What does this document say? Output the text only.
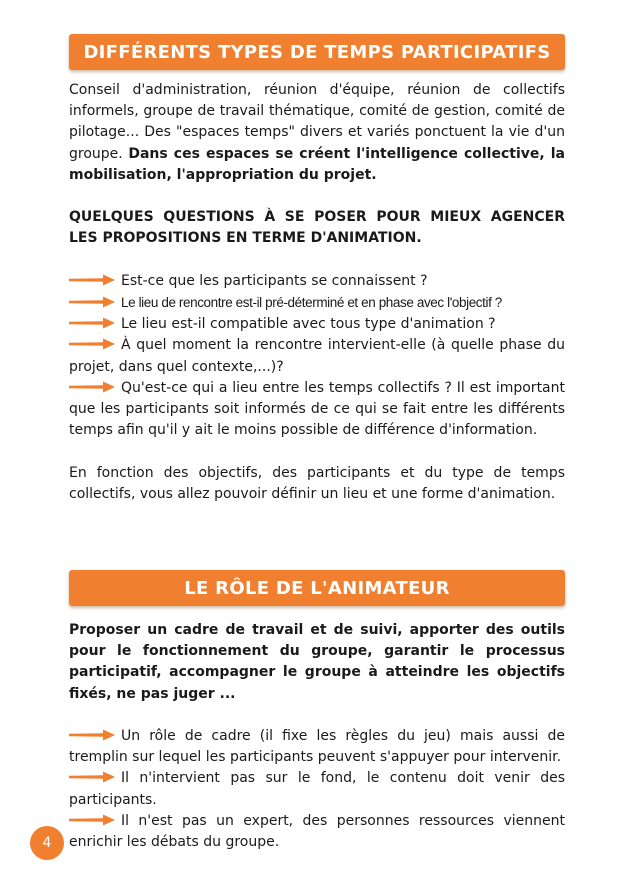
DIFFÉRENTS TYPES DE TEMPS PARTICIPATIFS
Conseil d'administration, réunion d'équipe, réunion de collectifs informels, groupe de travail thématique, comité de gestion, comité de pilotage... Des "espaces temps" divers et variés ponctuent la vie d'un groupe. Dans ces espaces se créent l'intelligence collective, la mobilisation, l'appropriation du projet.
QUELQUES QUESTIONS À SE POSER POUR MIEUX AGENCER LES PROPOSITIONS EN TERME D'ANIMATION.
Est-ce que les participants se connaissent ?
Le lieu de rencontre est-il pré-déterminé et en phase avec l'objectif ?
Le lieu est-il compatible avec tous type d'animation ?
À quel moment la rencontre intervient-elle (à quelle phase du projet, dans quel contexte,...)?
Qu'est-ce qui a lieu entre les temps collectifs ? Il est important que les participants soit informés de ce qui se fait entre les différents temps afin qu'il y ait le moins possible de différence d'information.
En fonction des objectifs, des participants et du type de temps collectifs, vous allez pouvoir définir un lieu et une forme d'animation.
LE RÔLE DE L'ANIMATEUR
Proposer un cadre de travail et de suivi, apporter des outils pour le fonctionnement du groupe, garantir le processus participatif, accompagner le groupe à atteindre les objectifs fixés, ne pas juger ...
Un rôle de cadre (il fixe les règles du jeu) mais aussi de tremplin sur lequel les participants peuvent s'appuyer pour intervenir.
Il n'intervient pas sur le fond, le contenu doit venir des participants.
Il n'est pas un expert, des personnes ressources viennent enrichir les débats du groupe.
4
